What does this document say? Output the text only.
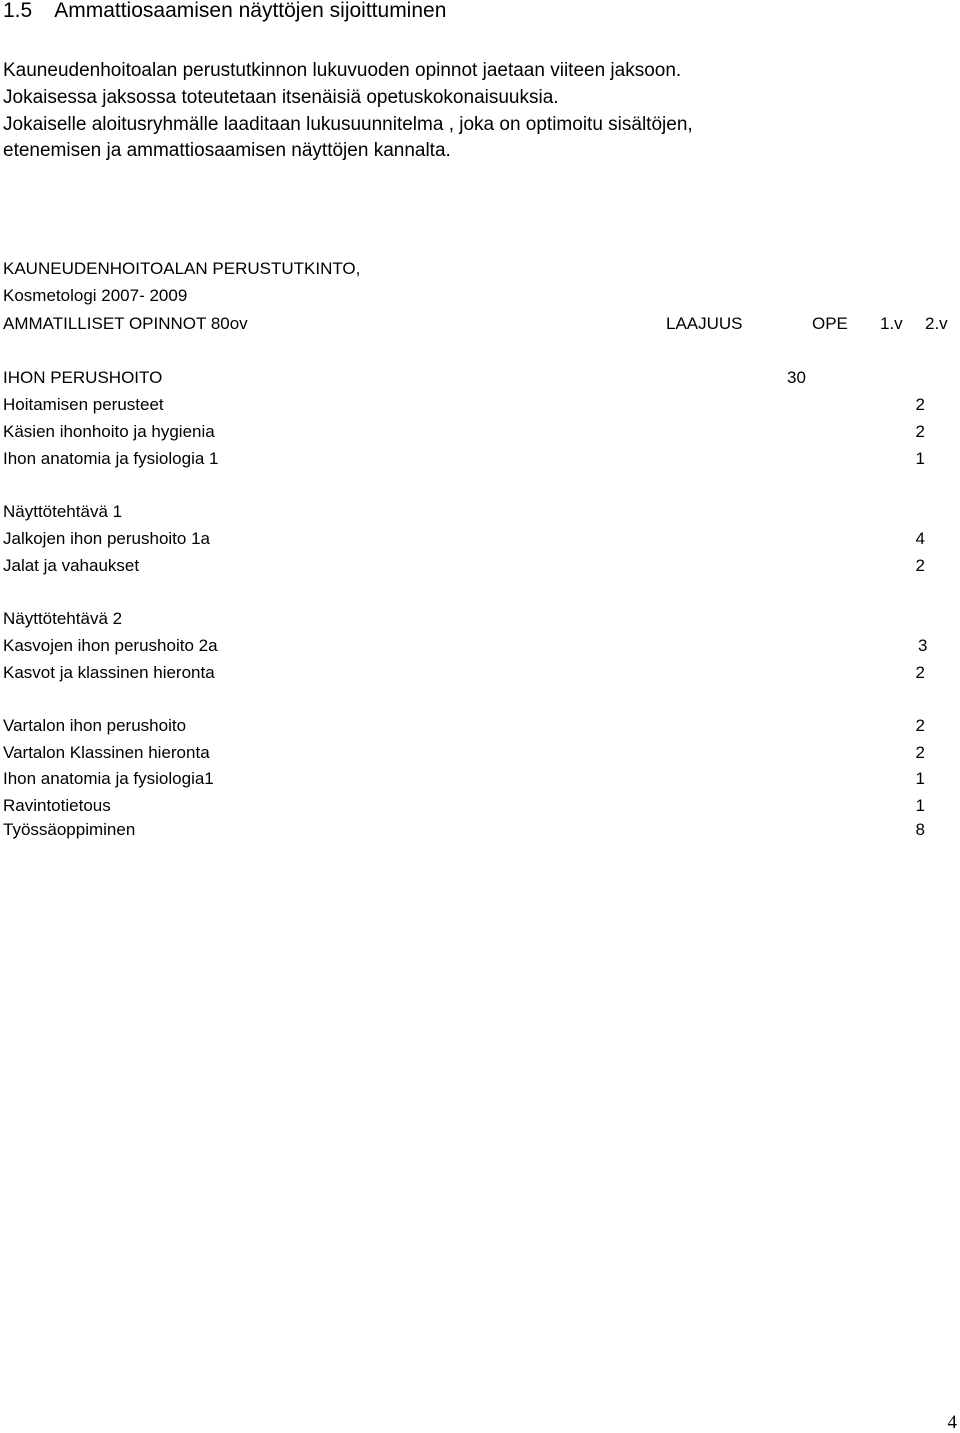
1.5 Ammattiosaamisen näyttöjen sijoittuminen
Kauneudenhoitoalan perustutkinnon lukuvuoden opinnot jaetaan viiteen jaksoon.
Jokaisessa jaksossa toteutetaan itsenäisiä opetuskokonaisuuksia.
Jokaiselle aloitusryhmälle laaditaan lukusuunnitelma , joka on optimoitu sisältöjen,
etenemisen ja ammattiosaamisen näyttöjen kannalta.
KAUNEUDENHOITOALAN PERUSTUTKINTO,
Kosmetologi 2007- 2009
AMMATILLISET OPINNOT 80ov	LAAJUUS	OPE 1.v 2.v
IHON PERUSHOITO	30
Hoitamisen perusteet	2
Käsien ihonhoito ja hygienia	2
Ihon anatomia ja fysiologia 1	1
Näyttötehtävä 1
Jalkojen ihon perushoito 1a	4
Jalat ja vahaukset	2
Näyttötehtävä 2
Kasvojen ihon perushoito 2a	3
Kasvot ja klassinen hieronta	2
Vartalon ihon perushoito	2
Vartalon Klassinen hieronta	2
Ihon anatomia ja fysiologia1	1
Ravintotietous	1
Työssäoppiminen	8
4
